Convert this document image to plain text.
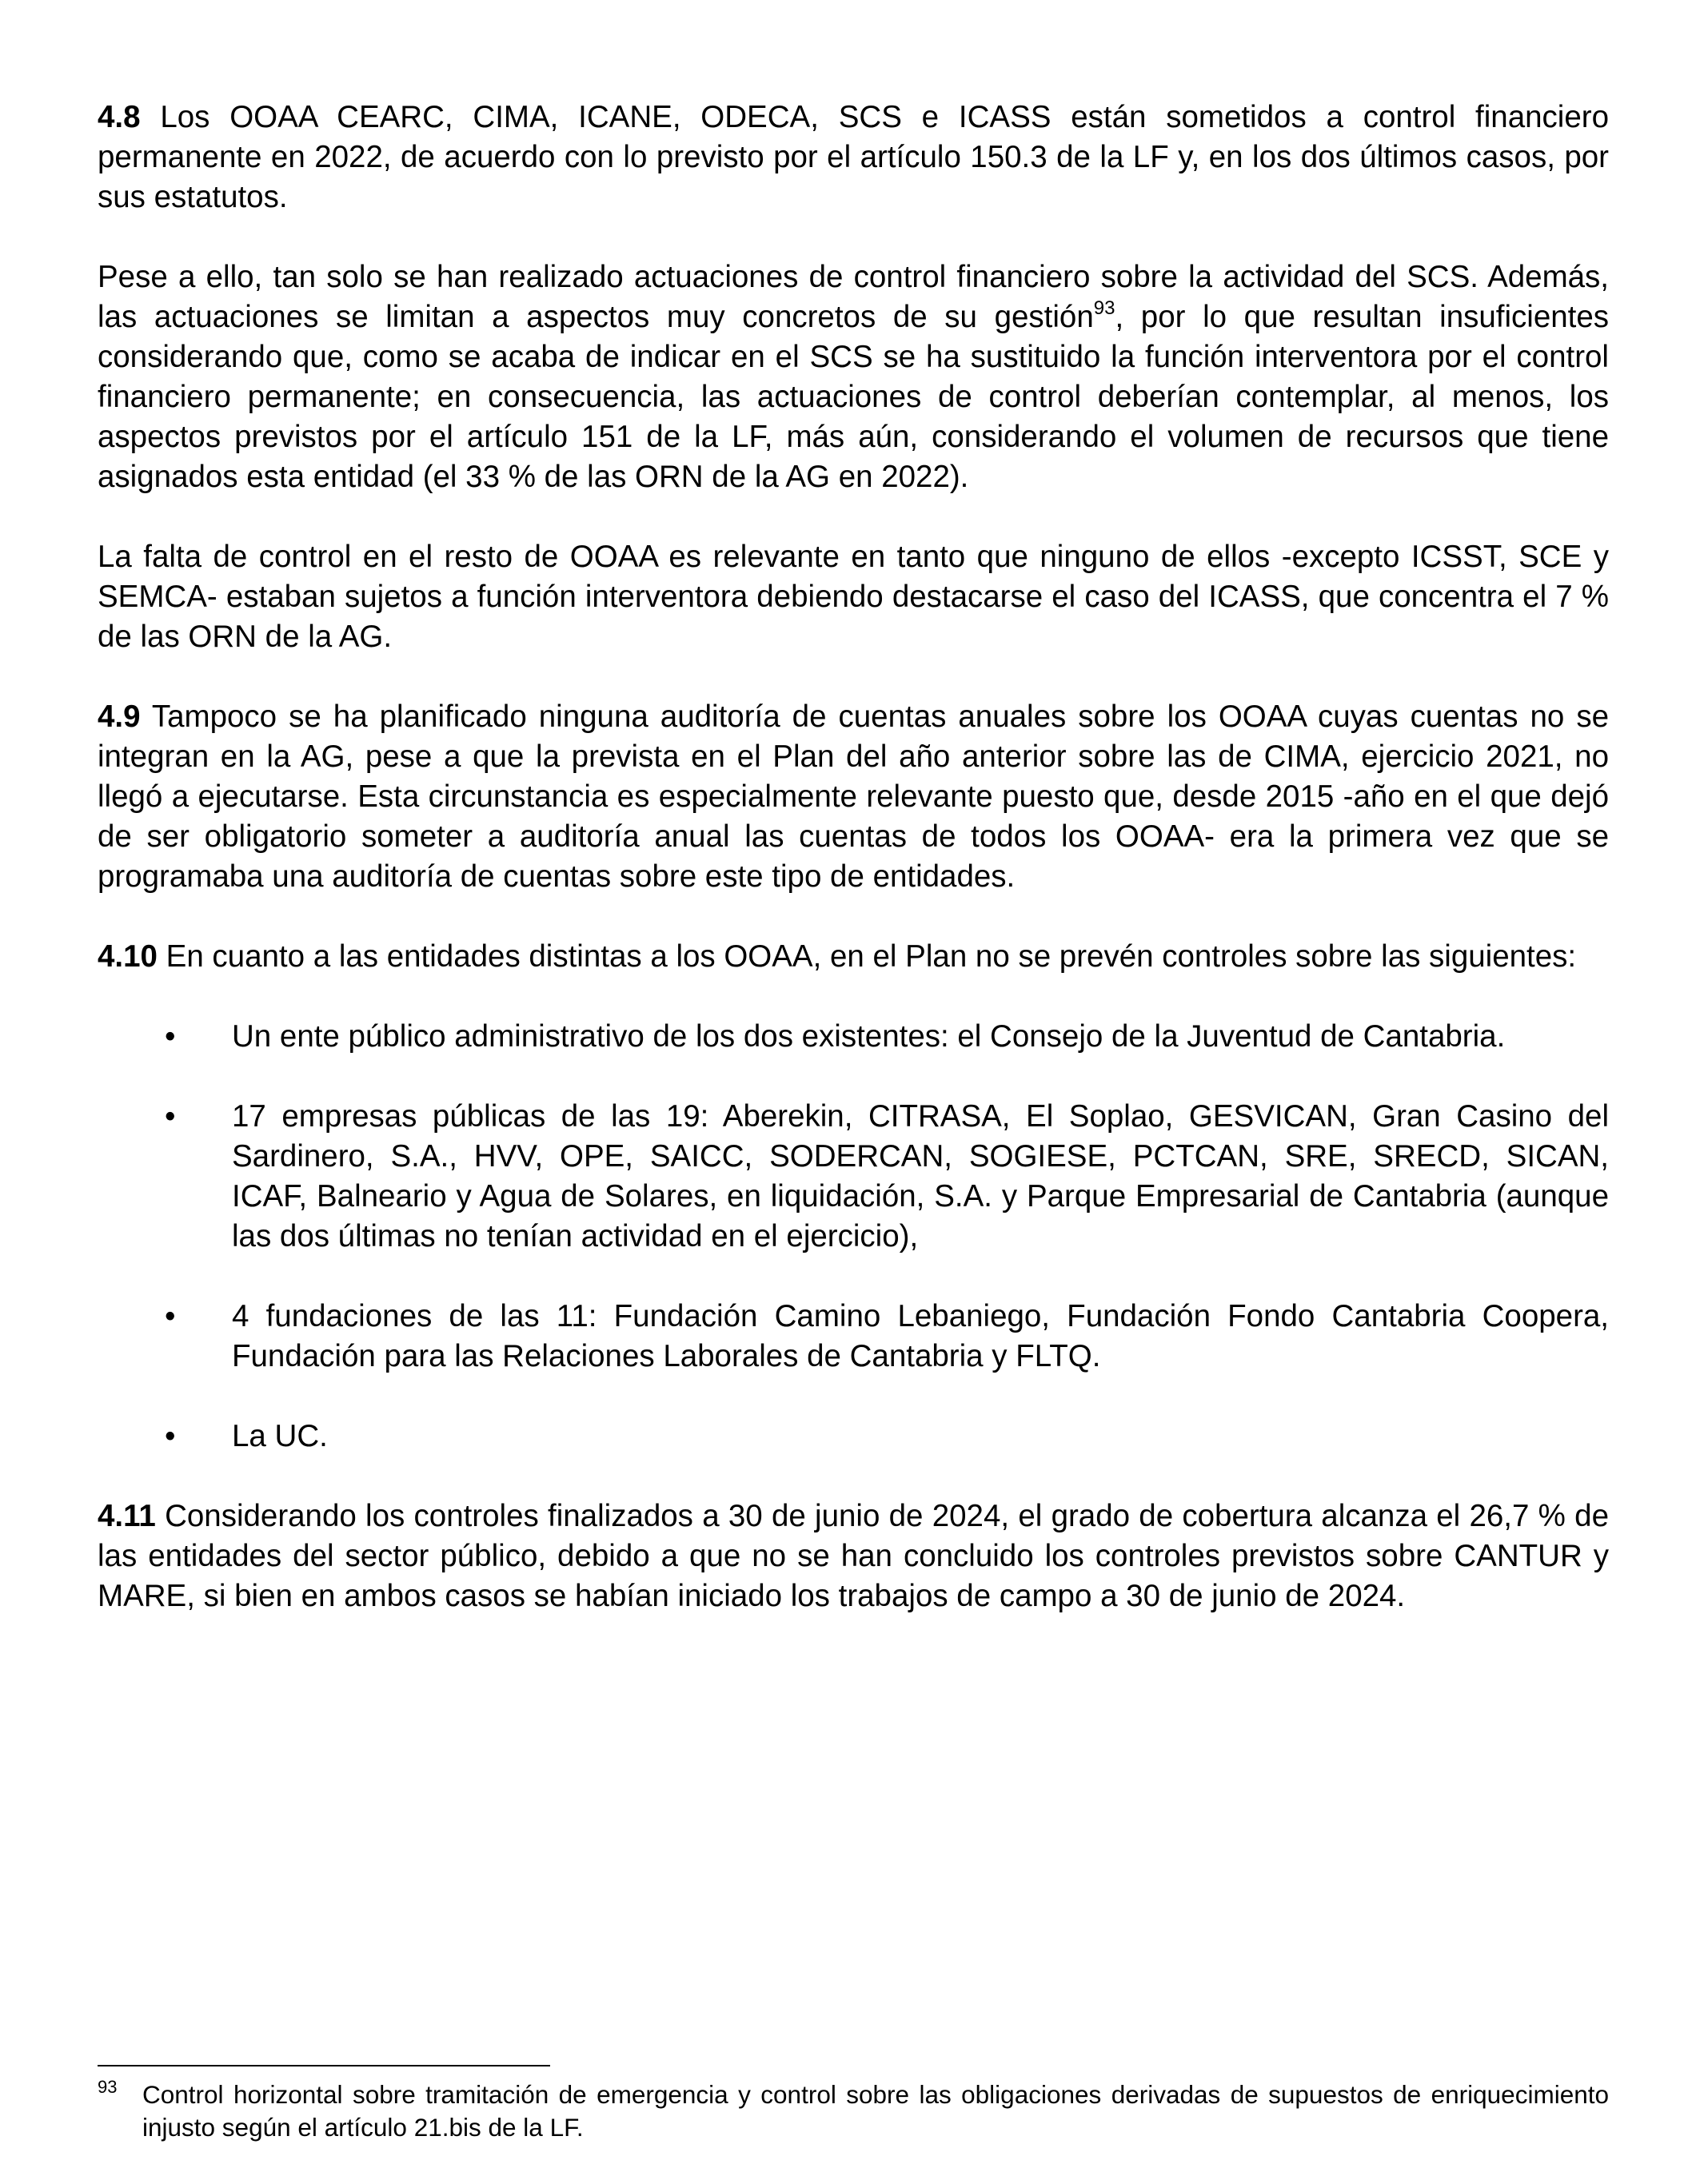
4.8 Los OOAA CEARC, CIMA, ICANE, ODECA, SCS e ICASS están sometidos a control financiero permanente en 2022, de acuerdo con lo previsto por el artículo 150.3 de la LF y, en los dos últimos casos, por sus estatutos.

Pese a ello, tan solo se han realizado actuaciones de control financiero sobre la actividad del SCS. Además, las actuaciones se limitan a aspectos muy concretos de su gestión$^{93}$, por lo que resultan insuficientes considerando que, como se acaba de indicar en el SCS se ha sustituido la función interventora por el control financiero permanente; en consecuencia, las actuaciones de control deberían contemplar, al menos, los aspectos previstos por el artículo 151 de la LF, más aún, considerando el volumen de recursos que tiene asignados esta entidad (el 33 % de las ORN de la AG en 2022).

La falta de control en el resto de OOAA es relevante en tanto que ninguno de ellos -excepto ICSST, SCE y SEMCA- estaban sujetos a función interventora debiendo destacarse el caso del ICASS, que concentra el 7 % de las ORN de la AG.

4.9 Tampoco se ha planificado ninguna auditoría de cuentas anuales sobre los OOAA cuyas cuentas no se integran en la AG, pese a que la prevista en el Plan del año anterior sobre las de CIMA, ejercicio 2021, no llegó a ejecutarse. Esta circunstancia es especialmente relevante puesto que, desde 2015 -año en el que dejó de ser obligatorio someter a auditoría anual las cuentas de todos los OOAA- era la primera vez que se programaba una auditoría de cuentas sobre este tipo de entidades.

4.10 En cuanto a las entidades distintas a los OOAA, en el Plan no se prevén controles sobre las siguientes:

•	Un ente público administrativo de los dos existentes: el Consejo de la Juventud de Cantabria.
•	17 empresas públicas de las 19: Aberekin, CITRASA, El Soplao, GESVICAN, Gran Casino del Sardinero, S.A., HVV, OPE, SAICC, SODERCAN, SOGIESE, PCTCAN, SRE, SRECD, SICAN, ICAF, Balneario y Agua de Solares, en liquidación, S.A. y Parque Empresarial de Cantabria (aunque las dos últimas no tenían actividad en el ejercicio),
•	4 fundaciones de las 11: Fundación Camino Lebaniego, Fundación Fondo Cantabria Coopera, Fundación para las Relaciones Laborales de Cantabria y FLTQ.
•	La UC.

4.11 Considerando los controles finalizados a 30 de junio de 2024, el grado de cobertura alcanza el 26,7 % de las entidades del sector público, debido a que no se han concluido los controles previstos sobre CANTUR y MARE, si bien en ambos casos se habían iniciado los trabajos de campo a 30 de junio de 2024.

93 Control horizontal sobre tramitación de emergencia y control sobre las obligaciones derivadas de supuestos de enriquecimiento injusto según el artículo 21.bis de la LF.
